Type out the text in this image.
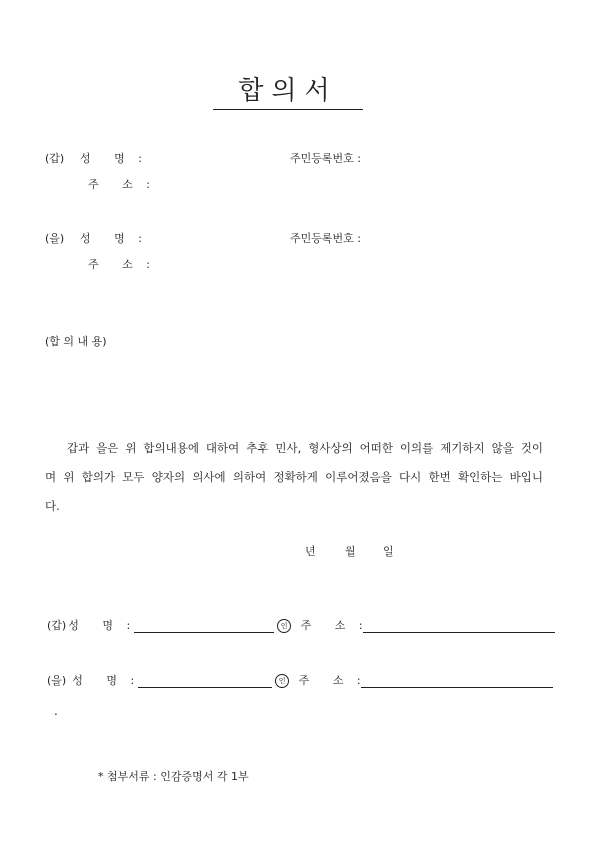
합의서
(갑) 성 명 :	주민등록번호 :
주 소 :
(을) 성 명 :	주민등록번호 :
주 소 :
(합 의 내 용)
갑과 을은 위 합의내용에 대하여 추후 민사, 형사상의 어떠한 이의를 제기하지 않을 것이며 위 합의가 모두 양자의 의사에 의하여 정확하게 이루어졌음을 다시 한번 확인하는 바입니다.
년	월 일
(갑) 성 명 :	인 주 소 :
(을) 성 명 :	인 주 소 :
.
* 첨부서류 : 인감증명서 각 1부
